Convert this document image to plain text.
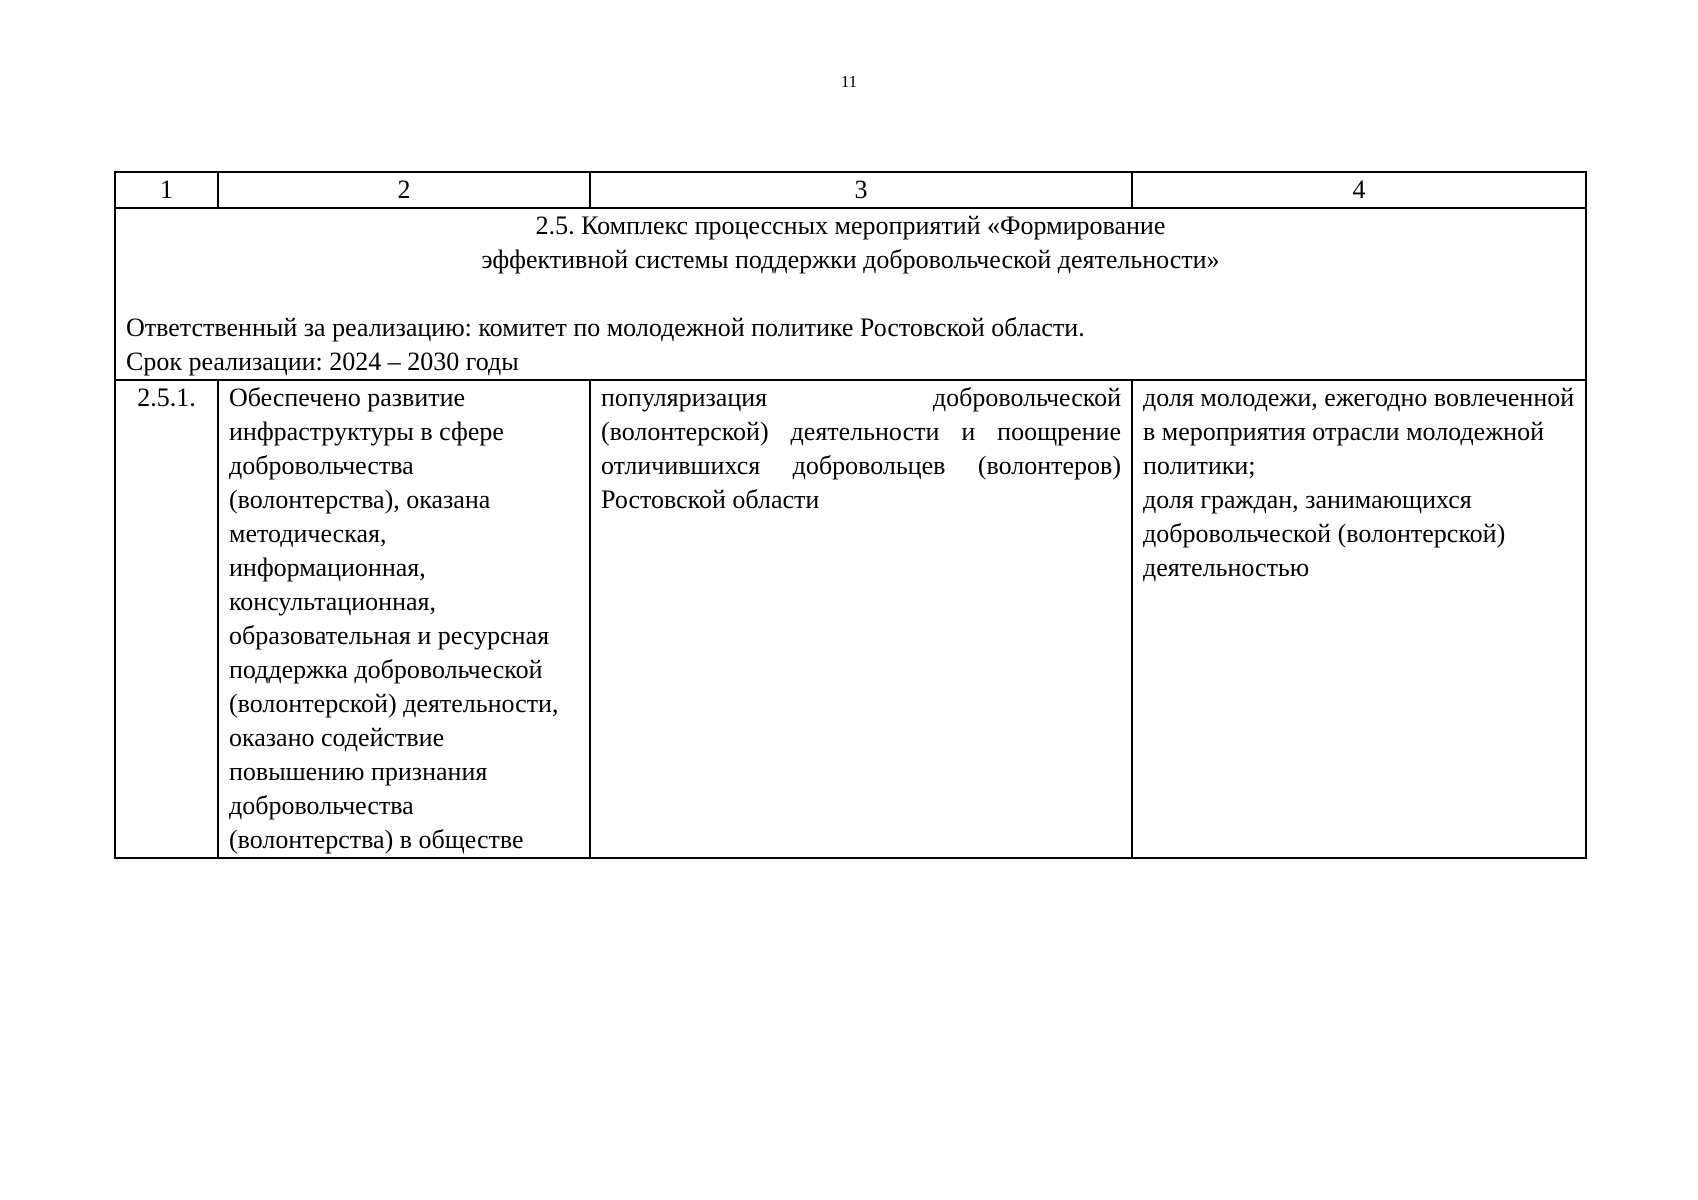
11
1	2	3	4

2.5. Комплекс процессных мероприятий «Формирование
эффективной системы поддержки добровольческой деятельности»
Ответственный за реализацию: комитет по молодежной политике Ростовской области.
Срок реализации: 2024 – 2030 годы			

2.5.1.	Обеспечено развитие инфраструктуры в сфере добровольчества (волонтерства), оказана методическая, информационная, консультационная, образовательная и ресурсная поддержка добровольческой (волонтерской) деятельности, оказано содействие повышению признания добровольчества (волонтерства) в обществе	популяризация добровольческой (волонтерской) деятельности и поощрение отличившихся добровольцев (волонтеров) Ростовской области	доля молодежи, ежегодно вовлеченной в мероприятия отрасли молодежной политики;
доля граждан, занимающихся добровольческой (волонтерской) деятельностью
